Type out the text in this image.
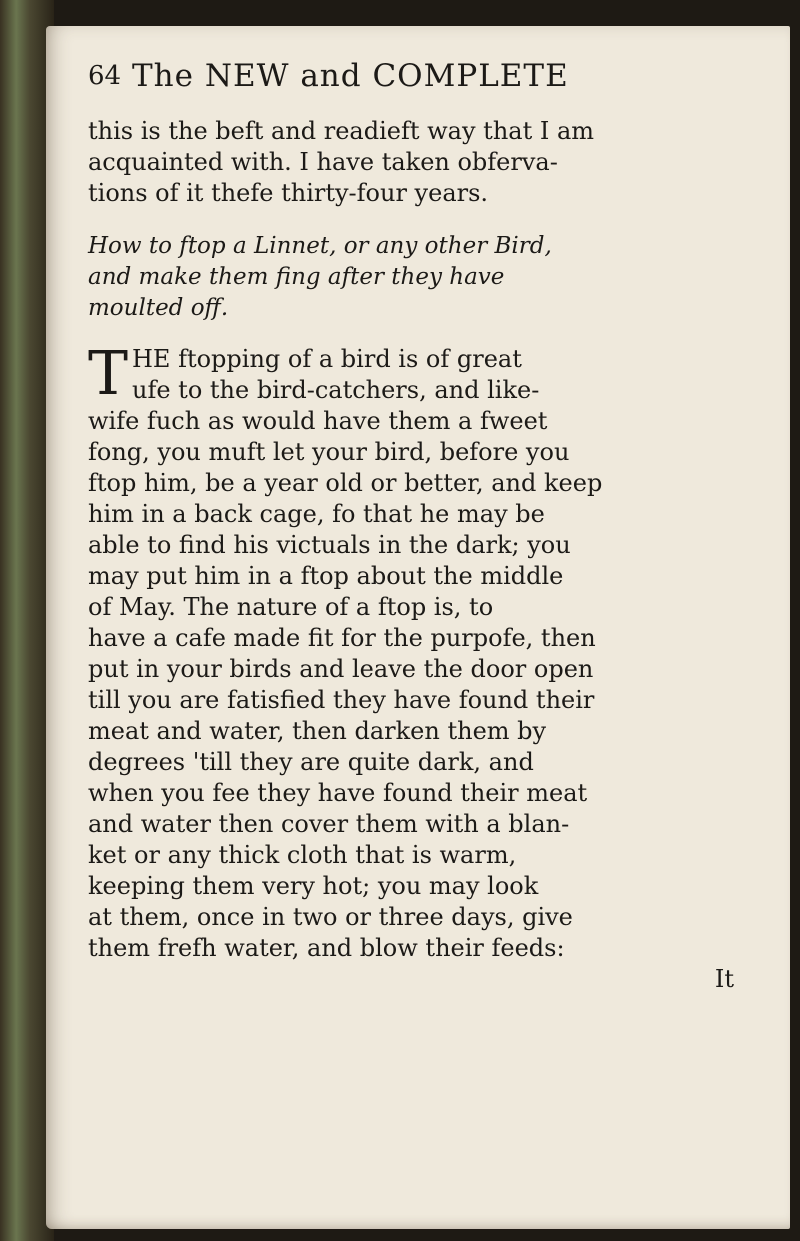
64 The NEW and COMPLETE
this is the beft and readieft way that I am
acquainted with. I have taken obferva-
tions of it thefe thirty-four years.
How to ftop a Linnet, or any other Bird,
and make them fing after they have
moulted off.
T HE ftopping of a bird is of great
ufe to the bird-catchers, and like-
wife fuch as would have them a fweet
fong, you muft let your bird, before you
ftop him, be a year old or better, and keep
him in a back cage, fo that he may be
able to find his victuals in the dark; you
may put him in a ftop about the middle
of May. The nature of a ftop is, to
have a cafe made fit for the purpofe, then
put in your birds and leave the door open
till you are fatisfied they have found their
meat and water, then darken them by
degrees 'till they are quite dark, and
when you fee they have found their meat
and water then cover them with a blan-
ket or any thick cloth that is warm,
keeping them very hot; you may look
at them, once in two or three days, give
them frefh water, and blow their feeds:
It
